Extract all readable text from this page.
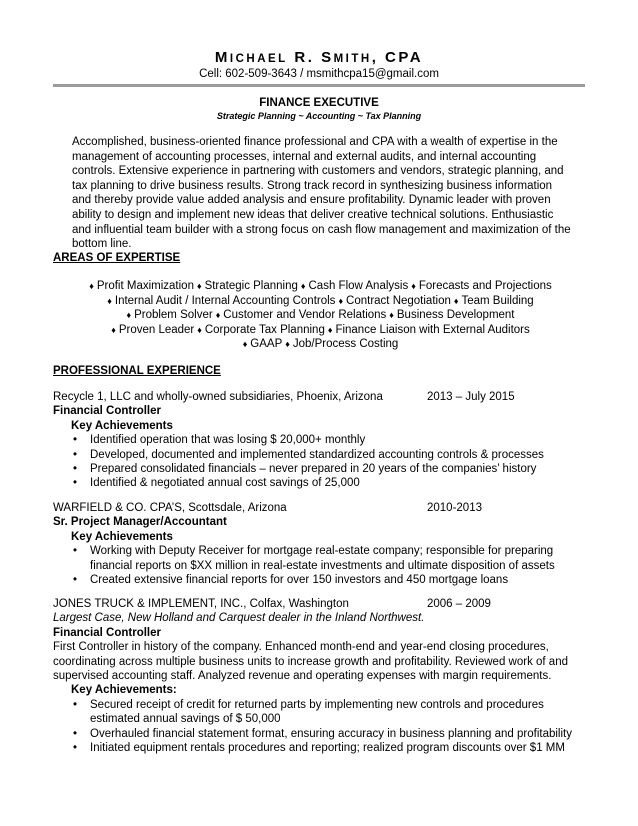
MICHAEL R. SMITH, CPA
Cell: 602-509-3643 / msmithcpa15@gmail.com
FINANCE EXECUTIVE
Strategic Planning ~ Accounting ~ Tax Planning

Accomplished, business-oriented finance professional and CPA with a wealth of expertise in the management of accounting processes, internal and external audits, and internal accounting controls. Extensive experience in partnering with customers and vendors, strategic planning, and tax planning to drive business results. Strong track record in synthesizing business information and thereby provide value added analysis and ensure profitability. Dynamic leader with proven ability to design and implement new ideas that deliver creative technical solutions. Enthusiastic and influential team builder with a strong focus on cash flow management and maximization of the bottom line.

AREAS OF EXPERTISE
♦ Profit Maximization ♦ Strategic Planning ♦ Cash Flow Analysis ♦ Forecasts and Projections
♦ Internal Audit / Internal Accounting Controls ♦ Contract Negotiation ♦ Team Building
♦ Problem Solver ♦ Customer and Vendor Relations ♦ Business Development
♦ Proven Leader ♦ Corporate Tax Planning ♦ Finance Liaison with External Auditors
♦ GAAP ♦ Job/Process Costing
PROFESSIONAL EXPERIENCE
Recycle 1, LLC and wholly-owned subsidiaries, Phoenix, Arizona	2013 – July 2015
Financial Controller
Key Achievements
• Identified operation that was losing $ 20,000+ monthly
• Developed, documented and implemented standardized accounting controls & processes
• Prepared consolidated financials – never prepared in 20 years of the companies’ history
• Identified & negotiated annual cost savings of 25,000
WARFIELD & CO. CPA’S, Scottsdale, Arizona	2010-2013
Sr. Project Manager/Accountant
Key Achievements
• Working with Deputy Receiver for mortgage real-estate company; responsible for preparing financial reports on $XX million in real-estate investments and ultimate disposition of assets
• Created extensive financial reports for over 150 investors and 450 mortgage loans
JONES TRUCK & IMPLEMENT, INC., Colfax, Washington	2006 – 2009
Largest Case, New Holland and Carquest dealer in the Inland Northwest.
Financial Controller

First Controller in history of the company. Enhanced month-end and year-end closing procedures, coordinating across multiple business units to increase growth and profitability. Reviewed work of and supervised accounting staff. Analyzed revenue and operating expenses with margin requirements.

Key Achievements:
• Secured receipt of credit for returned parts by implementing new controls and procedures estimated annual savings of $ 50,000
• Overhauled financial statement format, ensuring accuracy in business planning and profitability
• Initiated equipment rentals procedures and reporting; realized program discounts over $1 MM
